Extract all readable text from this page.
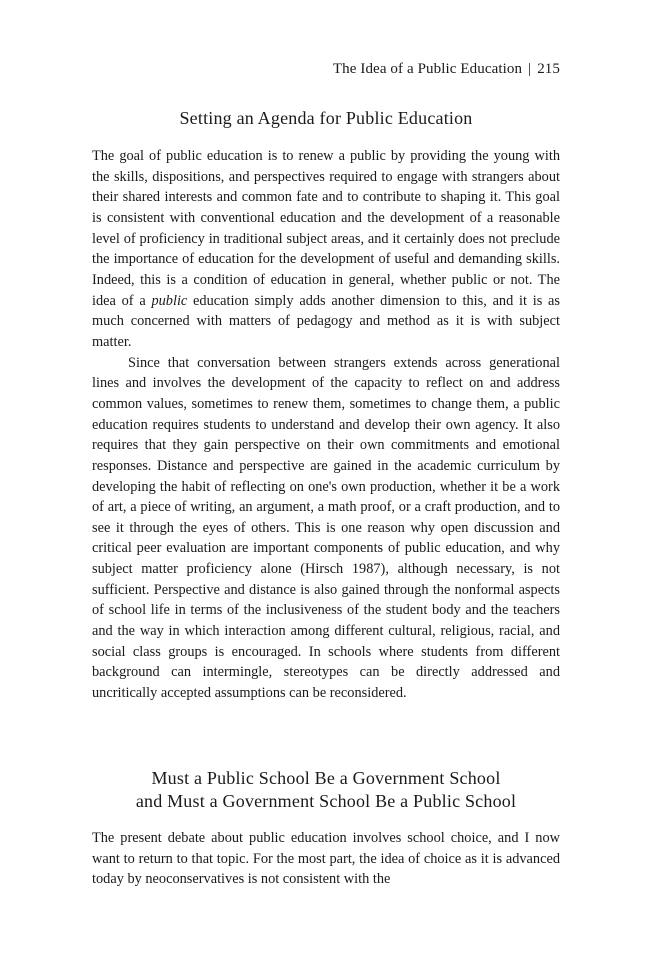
The Idea of a Public Education | 215
Setting an Agenda for Public Education

The goal of public education is to renew a public by providing the young with the skills, dispositions, and perspectives required to engage with strangers about their shared interests and common fate and to contribute to shaping it. This goal is consistent with conventional education and the development of a reasonable level of proficiency in traditional subject areas, and it certainly does not preclude the importance of education for the development of useful and demanding skills. Indeed, this is a condition of education in general, whether public or not. The idea of a public education simply adds another dimension to this, and it is as much concerned with matters of pedagogy and method as it is with subject matter.

Since that conversation between strangers extends across generational lines and involves the development of the capacity to reflect on and address common values, sometimes to renew them, sometimes to change them, a public education requires students to understand and develop their own agency. It also requires that they gain perspective on their own commitments and emotional responses. Distance and perspective are gained in the academic curriculum by developing the habit of reflecting on one's own production, whether it be a work of art, a piece of writing, an argument, a math proof, or a craft production, and to see it through the eyes of others. This is one reason why open discussion and critical peer evaluation are important components of public education, and why subject matter proficiency alone (Hirsch 1987), although necessary, is not sufficient. Perspective and distance is also gained through the nonformal aspects of school life in terms of the inclusiveness of the student body and the teachers and the way in which interaction among different cultural, religious, racial, and social class groups is encouraged. In schools where students from different background can intermingle, stereotypes can be directly addressed and uncritically accepted assumptions can be reconsidered.

Must a Public School Be a Government School
and Must a Government School Be a Public School

The present debate about public education involves school choice, and I now want to return to that topic. For the most part, the idea of choice as it is advanced today by neoconservatives is not consistent with the
